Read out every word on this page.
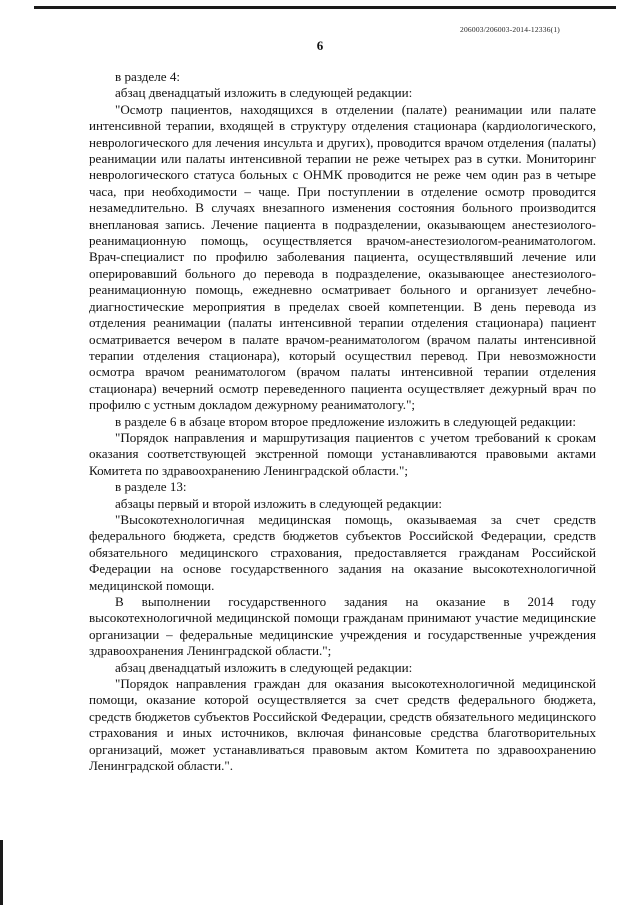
206003/206003-2014-12336(1)
6

в разделе 4:

абзац двенадцатый изложить в следующей редакции:

"Осмотр пациентов, находящихся в отделении (палате) реанимации или палате интенсивной терапии, входящей в структуру отделения стационара (кардиологического, неврологического для лечения инсульта и других), проводится врачом отделения (палаты) реанимации или палаты интенсивной терапии не реже четырех раз в сутки. Мониторинг неврологического статуса больных с ОНМК проводится не реже чем один раз в четыре часа, при необходимости – чаще. При поступлении в отделение осмотр проводится незамедлительно. В случаях внезапного изменения состояния больного производится внеплановая запись. Лечение пациента в подразделении, оказывающем анестезиолого-реанимационную помощь, осуществляется врачом-анестезиологом-реаниматологом. Врач-специалист по профилю заболевания пациента, осуществлявший лечение или оперировавший больного до перевода в подразделение, оказывающее анестезиолого-реанимационную помощь, ежедневно осматривает больного и организует лечебно-диагностические мероприятия в пределах своей компетенции. В день перевода из отделения реанимации (палаты интенсивной терапии отделения стационара) пациент осматривается вечером в палате врачом-реаниматологом (врачом палаты интенсивной терапии отделения стационара), который осуществил перевод. При невозможности осмотра врачом реаниматологом (врачом палаты интенсивной терапии отделения стационара) вечерний осмотр переведенного пациента осуществляет дежурный врач по профилю с устным докладом дежурному реаниматологу.";

в разделе 6 в абзаце втором второе предложение изложить в следующей редакции:

"Порядок направления и маршрутизация пациентов с учетом требований к срокам оказания соответствующей экстренной помощи устанавливаются правовыми актами Комитета по здравоохранению Ленинградской области.";

в разделе 13:

абзацы первый и второй изложить в следующей редакции:

"Высокотехнологичная медицинская помощь, оказываемая за счет средств федерального бюджета, средств бюджетов субъектов Российской Федерации, средств обязательного медицинского страхования, предоставляется гражданам Российской Федерации на основе государственного задания на оказание высокотехнологичной медицинской помощи.

В выполнении государственного задания на оказание в 2014 году высокотехнологичной медицинской помощи гражданам принимают участие медицинские организации – федеральные медицинские учреждения и государственные учреждения здравоохранения Ленинградской области.";

абзац двенадцатый изложить в следующей редакции:

"Порядок направления граждан для оказания высокотехнологичной медицинской помощи, оказание которой осуществляется за счет средств федерального бюджета, средств бюджетов субъектов Российской Федерации, средств обязательного медицинского страхования и иных источников, включая финансовые средства благотворительных организаций, может устанавливаться правовым актом Комитета по здравоохранению Ленинградской области.".
